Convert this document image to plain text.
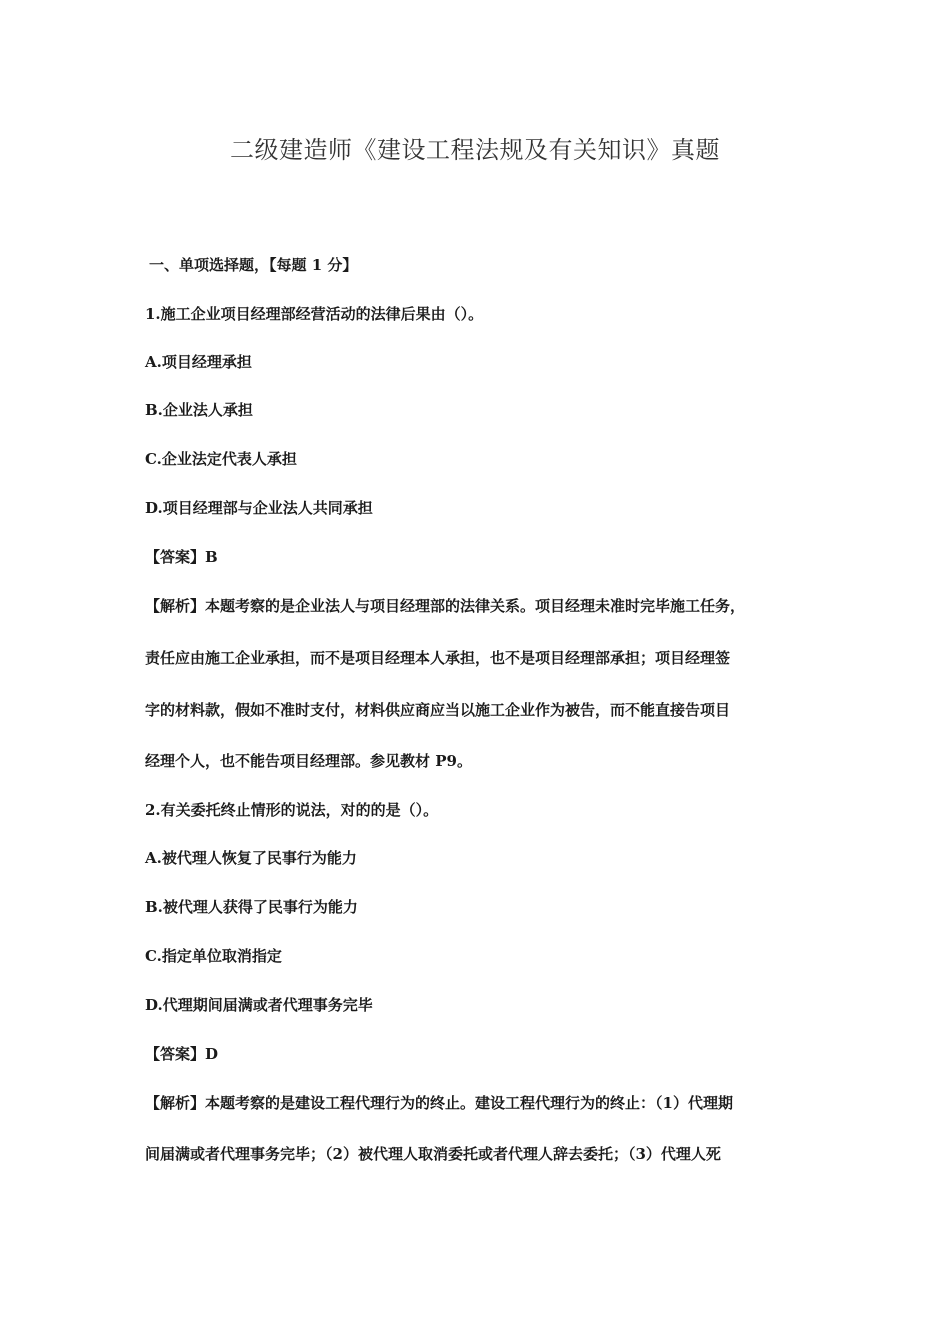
二级建造师《建设工程法规及有关知识》真题
一、单项选择题，【每题 1 分】
1.施工企业项目经理部经营活动的法律后果由（）。
A.项目经理承担
B.企业法人承担
C.企业法定代表人承担
D.项目经理部与企业法人共同承担
【答案】B
【解析】本题考察的是企业法人与项目经理部的法律关系。项目经理未准时完毕施工任务，
责任应由施工企业承担，而不是项目经理本人承担，也不是项目经理部承担；项目经理签
字的材料款，假如不准时支付，材料供应商应当以施工企业作为被告，而不能直接告项目
经理个人，也不能告项目经理部。参见教材 P9。
2.有关委托终止情形的说法，对的的是（）。
A.被代理人恢复了民事行为能力
B.被代理人获得了民事行为能力
C.指定单位取消指定
D.代理期间届满或者代理事务完毕
【答案】D
【解析】本题考察的是建设工程代理行为的终止。建设工程代理行为的终止：（1）代理期
间届满或者代理事务完毕；（2）被代理人取消委托或者代理人辞去委托；（3）代理人死
